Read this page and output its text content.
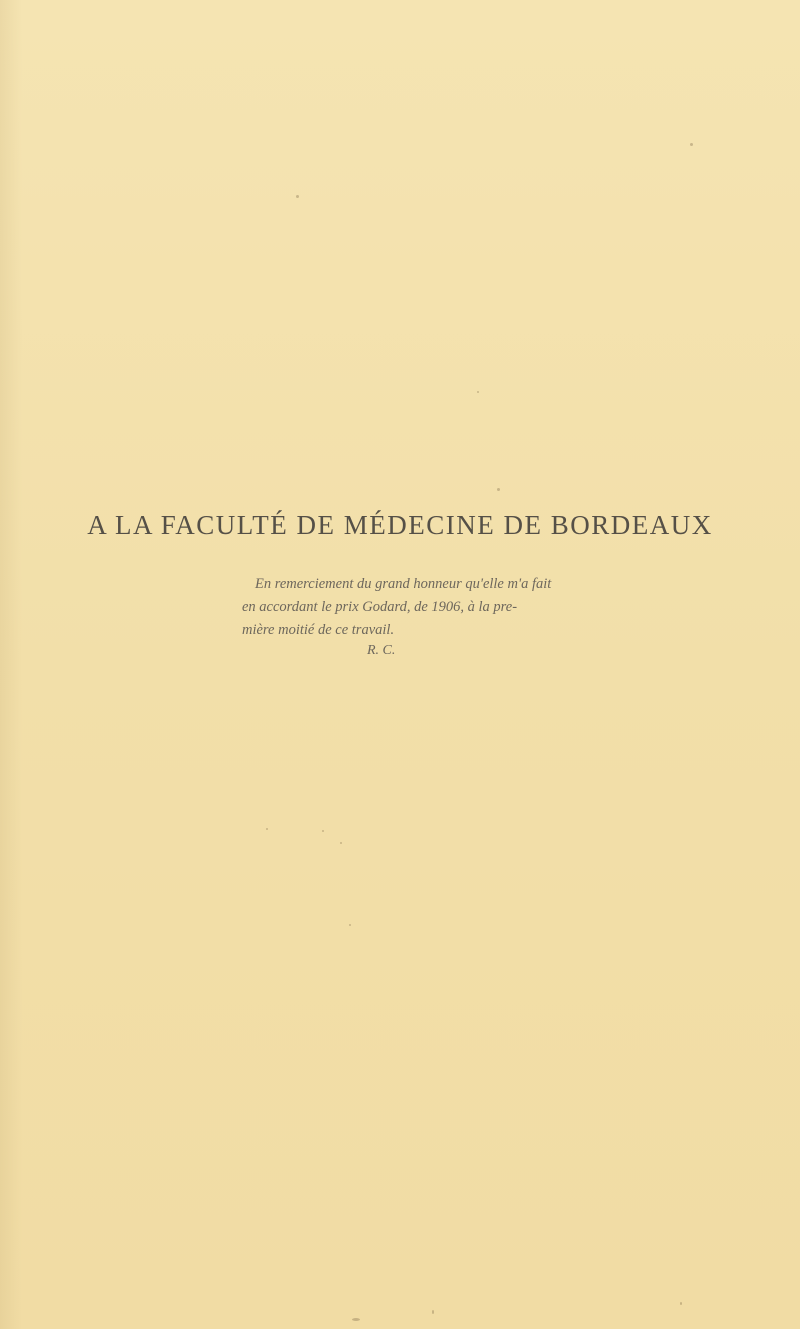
A LA FACULTÉ DE MÉDECINE DE BORDEAUX
En remerciement du grand honneur qu'elle m'a fait
en accordant le prix Godard, de 1906, à la pre-
mière moitié de ce travail.
R. C.
